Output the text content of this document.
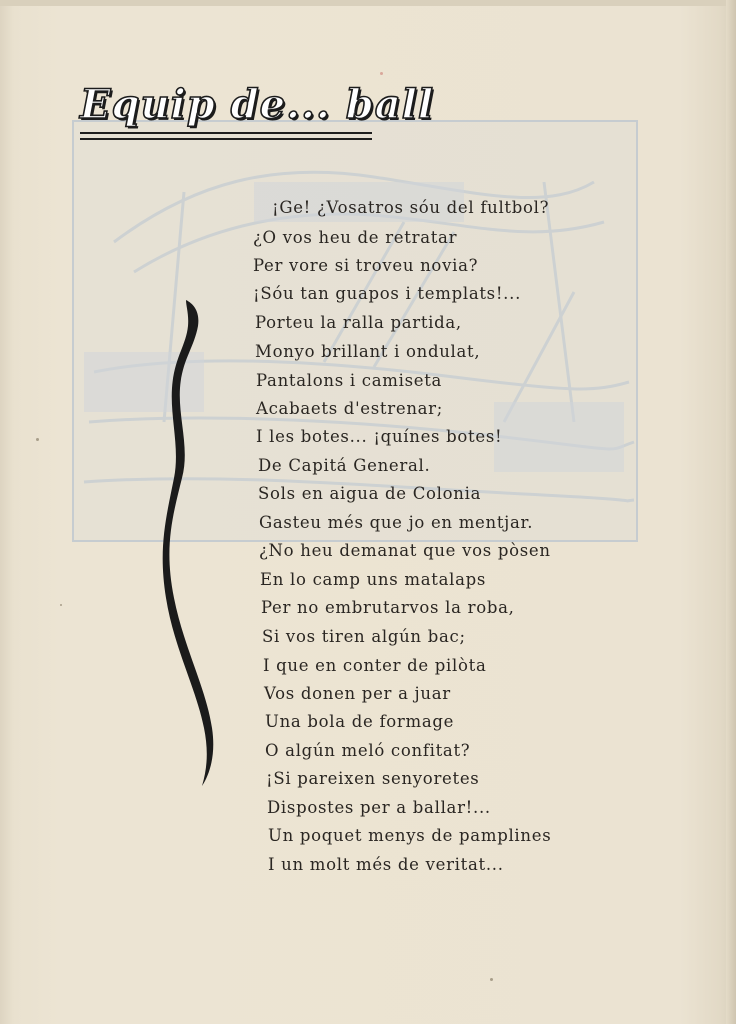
Equip de... ball
¡Ge! ¿Vosatros sóu del fultbol?
¿O vos heu de retratar
Per vore si troveu novia?
¡Sóu tan guapos i templats!...
Porteu la ralla partida,
Monyo brillant i ondulat,
Pantalons i camiseta
Acabaets d'estrenar;
I les botes... ¡quínes botes!
De Capitá General.
Sols en aigua de Colonia
Gasteu més que jo en mentjar.
¿No heu demanat que vos pòsen
En lo camp uns matalaps
Per no embrutarvos la roba,
Si vos tiren algún bac;
I que en conter de pilòta
Vos donen per a juar
Una bola de formage
O algún meló confitat?
¡Si pareixen senyoretes
Dispostes per a ballar!...
Un poquet menys de pamplines
I un molt més de veritat...
